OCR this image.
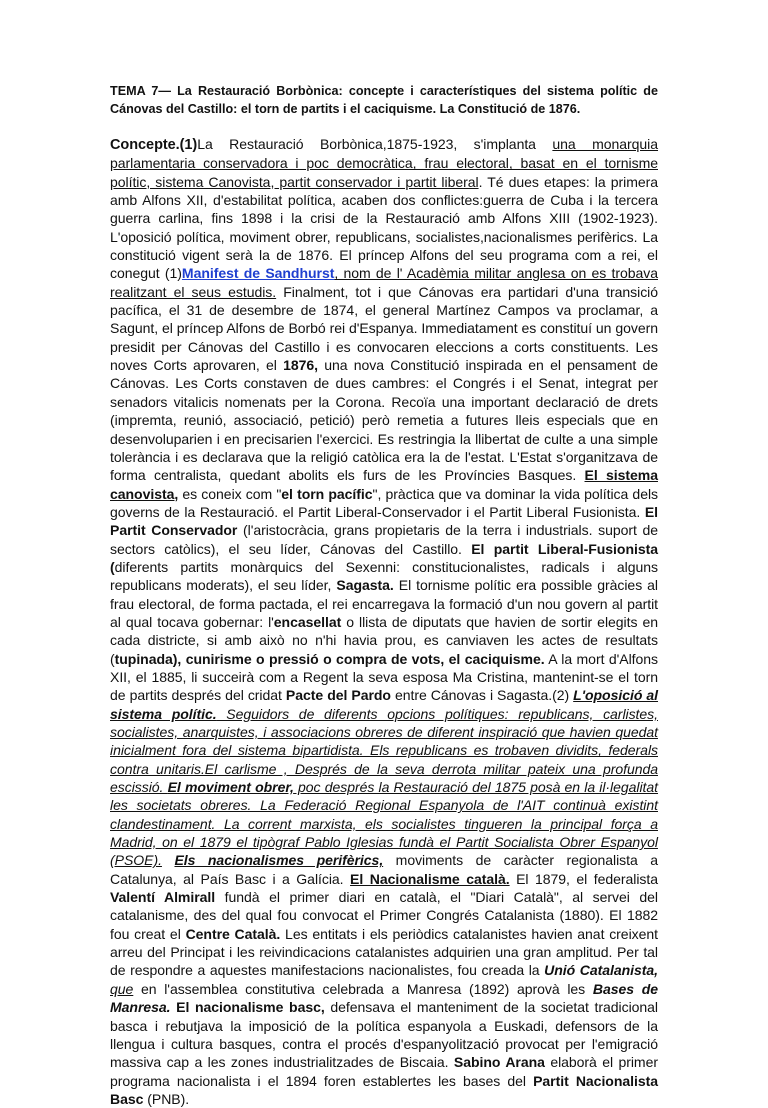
TEMA 7— La Restauració Borbònica: concepte i característiques del sistema polític de Cánovas del Castillo: el torn de partits i el caciquisme. La Constitució de 1876.

Concepte.(1)La Restauració Borbònica,1875-1923, s'implanta una monarquia parlamentaria conservadora i poc democràtica, frau electoral, basat en el tornisme polític, sistema Canovista, partit conservador i partit liberal. Té dues etapes: la primera amb Alfons XII, d'estabilitat política, acaben dos conflictes:guerra de Cuba i la tercera guerra carlina, fins 1898 i la crisi de la Restauració amb Alfons XIII (1902-1923). L'oposició política, moviment obrer, republicans, socialistes,nacionalismes perifèrics. La constitució vigent serà la de 1876. El príncep Alfons del seu programa com a rei, el conegut (1)Manifest de Sandhurst, nom de l' Acadèmia militar anglesa on es trobava realitzant el seus estudis. Finalment, tot i que Cánovas era partidari d'una transició pacífica, el 31 de desembre de 1874, el general Martínez Campos va proclamar, a Sagunt, el príncep Alfons de Borbó rei d'Espanya. Immediatament es constituí un govern presidit per Cánovas del Castillo i es convocaren eleccions a corts constituents. Les noves Corts aprovaren, el 1876, una nova Constitució inspirada en el pensament de Cánovas. Les Corts constaven de dues cambres: el Congrés i el Senat, integrat per senadors vitalicis nomenats per la Corona. Recoïa una important declaració de drets (impremta, reunió, associació, petició) però remetia a futures lleis especials que en desenvoluparien i en precisarien l'exercici. Es restringia la llibertat de culte a una simple tolerància i es declarava que la religió catòlica era la de l'estat. L'Estat s'organitzava de forma centralista, quedant abolits els furs de les Províncies Basques. El sistema canovista, es coneix com "el torn pacífic", pràctica que va dominar la vida política dels governs de la Restauració. el Partit Liberal-Conservador i el Partit Liberal Fusionista. El Partit Conservador (l'aristocràcia, grans propietaris de la terra i industrials. suport de sectors catòlics), el seu líder, Cánovas del Castillo. El partit Liberal-Fusionista (diferents partits monàrquics del Sexenni: constitucionalistes, radicals i alguns republicans moderats), el seu líder, Sagasta. El tornisme polític era possible gràcies al frau electoral, de forma pactada, el rei encarregava la formació d'un nou govern al partit al qual tocava gobernar: l'encasellat o llista de diputats que havien de sortir elegits en cada districte, si amb això no n'hi havia prou, es canviaven les actes de resultats (tupinada), cunirisme o pressió o compra de vots, el caciquisme. A la mort d'Alfons XII, el 1885, li succeirà com a Regent la seva esposa Ma Cristina, mantenint-se el torn de partits després del cridat Pacte del Pardo entre Cánovas i Sagasta.(2) L'oposició al sistema polític. Seguidors de diferents opcions polítiques: republicans, carlistes, socialistes, anarquistes, i associacions obreres de diferent inspiració que havien quedat inicialment fora del sistema bipartidista. Els republicans es trobaven dividits, federals contra unitaris.El carlisme , Després de la seva derrota militar pateix una profunda escissió. El moviment obrer, poc després la Restauració del 1875 posà en la il·legalitat les societats obreres. La Federació Regional Espanyola de l'AIT continuà existint clandestinament. La corrent marxista, els socialistes tingueren la principal força a Madrid, on el 1879 el tipògraf Pablo Iglesias fundà el Partit Socialista Obrer Espanyol (PSOE). Els nacionalismes perifèrics, moviments de caràcter regionalista a Catalunya, al País Basc i a Galícia. El Nacionalisme català. El 1879, el federalista Valentí Almirall fundà el primer diari en català, el "Diari Català", al servei del catalanisme, des del qual fou convocat el Primer Congrés Catalanista (1880). El 1882 fou creat el Centre Català. Les entitats i els periòdics catalanistes havien anat creixent arreu del Principat i les reivindicacions catalanistes adquirien una gran amplitud. Per tal de respondre a aquestes manifestacions nacionalistes, fou creada la Unió Catalanista, que en l'assemblea constitutiva celebrada a Manresa (1892) aprovà les Bases de Manresa. El nacionalisme basc, defensava el manteniment de la societat tradicional basca i rebutjava la imposició de la política espanyola a Euskadi, defensors de la llengua i cultura basques, contra el procés d'espanyolització provocat per l'emigració massiva cap a les zones industrialitzades de Biscaia. Sabino Arana elaborà el primer programa nacionalista i el 1894 foren establertes les bases del Partit Nacionalista Basc (PNB).
